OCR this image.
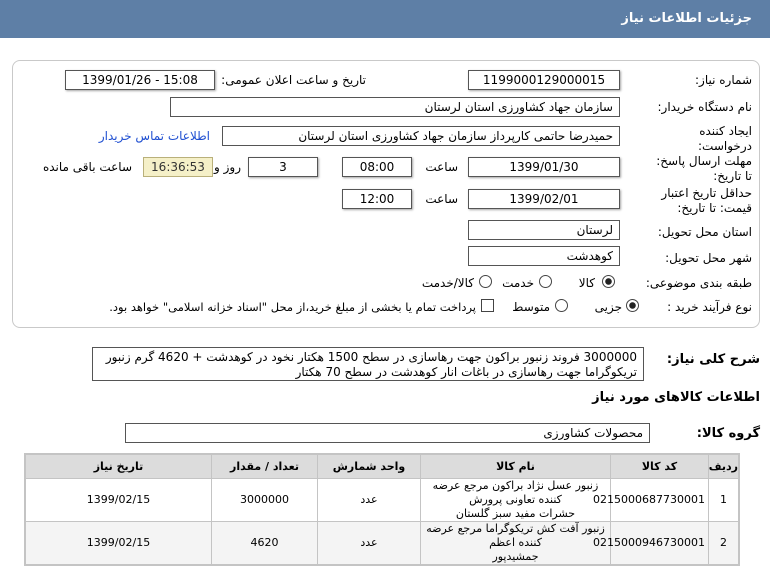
جزئیات اطلاعات نیاز
شماره نیاز:
1199000129000015
تاریخ و ساعت اعلان عمومی:
1399/01/26 - 15:08
نام دستگاه خریدار:
سازمان جهاد کشاورزی استان لرستان
ایجاد کننده
درخواست:
حمیدرضا حاتمی کارپرداز سازمان جهاد کشاورزی استان لرستان
اطلاعات تماس خریدار
مهلت ارسال پاسخ:
تا تاریخ:
1399/01/30
ساعت
08:00
3
روز و
16:36:53
ساعت باقی مانده
حداقل تاریخ اعتبار
قیمت: تا تاریخ:
1399/02/01
ساعت
12:00
استان محل تحویل:
لرستان
شهر محل تحویل:
کوهدشت
طبقه بندی موضوعی:
کالا
خدمت
کالا/خدمت
نوع فرآیند خرید :
جزیی
متوسط
پرداخت تمام یا بخشی از مبلغ خرید،از محل "اسناد خزانه اسلامی" خواهد بود.
شرح کلی نیاز:
3000000 فروند زنبور براکون جهت رهاسازی در سطح 1500 هکتار نخود در کوهدشت + 4620 گرم زنبور تریکوگراما جهت رهاسازی در باغات انار کوهدشت در سطح 70 هکتار
اطلاعات کالاهای مورد نیاز
گروه کالا:
محصولات کشاورزی
ردیف	کد کالا	نام کالا	واحد شمارش	تعداد / مقدار	تاریخ نیاز
1	0215000687730001	زنبور عسل نژاد براکون مرجع عرضه کننده تعاونی پرورش
حشرات مفید سبز گلستان	عدد	3000000	1399/02/15
2	0215000946730001	زنبور آفت کش تریکوگراما مرجع عرضه کننده اعظم
جمشیدپور	عدد	4620	1399/02/15
